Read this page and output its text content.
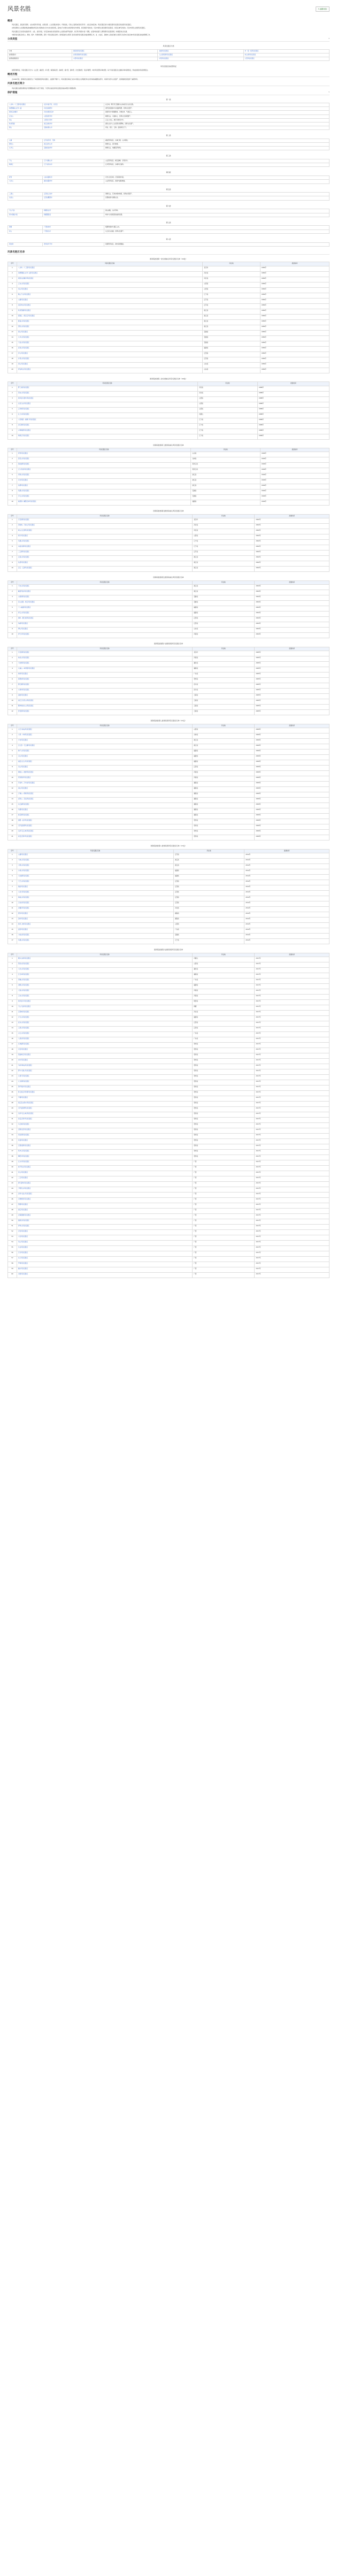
风景名胜	✎编辑词条
概述

风景名胜区，是指具有观赏、文化或者科学价值，自然景观、人文景观比较集中，环境优美，可供人们游览或者进行科学、文化活动的区域。风景名胜区划分为国家级风景名胜区和省级风景名胜区。

自然景观和人文景观能够反映重要自然变化过程和重大历史文化发展过程，基本处于自然状态或者保持历史原貌，具有国家代表性的，可以申请设立国家级风景名胜区；具有区域代表性的，可以申请设立省级风景名胜区。

风景名胜区应当具有较高的科学、文化、美学价值，对其区域内的自然景观和人文景观实施严格保护，进行科学规划与统一管理，在保护的前提下合理利用风景名胜资源，协调经济社会发展。

中国风景名胜区的设立、规划、保护、利用和管理，适用《风景名胜区条例》。国务院建设主管部门负责全国风景名胜区的监督管理工作，省、自治区、直辖市人民政府建设主管部门负责本行政区域内风景名胜区的监督管理工作。

分类类型	▾
风景名胜区分类
分类	国家级风景名胜区	省级风景名胜区	市（县）级风景名胜区
按等级划分	自然景观类风景名胜区	人文景观类风景名胜区	综合类风景名胜区
按用地规模划分	小型风景名胜区	中型风景名胜区	大型风景名胜区
风景名胜区的类型特征

按照资源特征，风景名胜区可分为：山岳型、湖泊型、河川型、海滨海岛型、森林型、洞穴型、瀑布型、历史遗迹型、民俗风情型、城市风景型等多种类型。每个风景名胜区往往兼具多种景观特征，形成独特的风景资源组合。

概述历程

自1982年起，国务院先后批准设立了多批国家级风景名胜区，总面积不断扩大。风景名胜区事业已成为中国生态文明建设和文化传承的重要组成部分，对保护自然与文化遗产、促进旅游发展发挥了重要作用。

风景名胜区简介

风景名胜区按照景观特征与管理要求划分为若干类别，下表列出各批次风景名胜区的基本情况与简要说明。

保护措施	▾
第一批
八达岭－十三陵风景名胜区	北京市昌平区、延庆区	以长城、明代帝王陵墓为主体的历史文化名胜。
承德避暑山庄外八庙	河北省承德市	清代皇家园林与寺庙建筑群，世界文化遗产。
秦皇岛北戴河	河北省秦皇岛市	海滨风光与避暑胜地，沙滩洁净，气候宜人。
五台山	山西省忻州市	佛教名山，寺庙林立，世界文化景观遗产。
恒山	山西省大同市	五岳之北岳，悬空寺驰名中外。
杭州西湖	浙江省杭州市	湖光山色与人文景观交相辉映，世界文化遗产。
黄山	安徽省黄山市	奇松、怪石、云海、温泉闻名天下。
第二批
太湖	江苏省苏州、无锡	湖泊型风景区，水域辽阔，山水相依。
普陀山	浙江省舟山市	佛教名山，海天佛国。
九华山	安徽省池州市	佛教名山，地藏菩萨道场。
第三批
千山	辽宁省鞍山市	山岳型风景区，峰峦叠嶂，寺观众多。
鸭绿江	辽宁省丹东市	江河型风景区，边境风光独特。
第四批
青州	山东省潍坊市	历史文化名城，石刻造像丰富。
大洪山	湖北省随州市	山岳型风景区，溶洞与湖泊兼备。
第五批
三清山	江西省上饶市	道教名山，花岗岩峰林地貌，世界自然遗产。
龙虎山	江西省鹰潭市	丹霞地貌与道教文化。
第六批
天山天池	新疆昌吉州	高山湖泊，冰川雪岭。
库木塔格沙漠	新疆鄯善县	城市与沙漠相连的独特景观。
第七批
阳朔	广西桂林市	喀斯特峰林与漓江山水。
花山	广西崇左市	左江花山岩画，世界文化遗产。
第八批
织金洞	贵州省毕节市	溶洞型风景区，洞内景观瑰丽。
风景名胜区名录
国务院批准第一批全国重点风景名胜区名单（44处）
序号	风景名胜区名称	所在地	批准时间
1	八达岭－十三陵风景名胜区	北京市	1982年
2	承德避暑山庄外八庙风景名胜区	河北省	1982年
3	秦皇岛北戴河风景名胜区	河北省	1982年
4	五台山风景名胜区	山西省	1982年
5	恒山风景名胜区	山西省	1982年
6	鞍山千山风景名胜区	辽宁省	1982年
7	太湖风景名胜区	江苏省	1982年
8	南京钟山风景名胜区	江苏省	1982年
9	杭州西湖风景名胜区	浙江省	1982年
10	富春江－新安江风景名胜区	浙江省	1982年
11	雁荡山风景名胜区	浙江省	1982年
12	普陀山风景名胜区	浙江省	1982年
13	黄山风景名胜区	安徽省	1982年
14	九华山风景名胜区	安徽省	1982年
15	天柱山风景名胜区	安徽省	1982年
16	武夷山风景名胜区	福建省	1982年
17	庐山风景名胜区	江西省	1982年
18	井冈山风景名胜区	江西省	1982年
19	泰山风景名胜区	山东省	1982年
20	青岛崂山风景名胜区	山东省	1982年
国务院批准第二批全国重点风景名胜区名单（40处）
序号	风景名胜区名称	所在地	批准时间
1	野三坡风景名胜区	河北省	1988年
2	苍岩山风景名胜区	河北省	1988年
3	黄河壶口瀑布风景名胜区	山西省	1988年
4	北武当山风景名胜区	山西省	1988年
5	五老峰风景名胜区	山西省	1988年
6	扎兰屯风景名胜区	内蒙古	1988年
7	大连海滨－旅顺口风景名胜区	辽宁省	1988年
8	金石滩风景名胜区	辽宁省	1988年
9	兴城海滨风景名胜区	辽宁省	1988年
10	鸭绿江风景名胜区	辽宁省	1988年
国务院批准第三批国家重点风景名胜区名单
序号	风景名胜区名称	所在地	批准时间
1	青州风景名胜区	山东省	1994年
2	莲花山风景名胜区	吉林省	1994年
3	镜泊湖风景名胜区	黑龙江省	1994年
4	五大连池风景名胜区	黑龙江省	1994年
5	雪窦山风景名胜区	浙江省	1994年
6	双龙风景名胜区	浙江省	1994年
7	仙都风景名胜区	浙江省	1994年
8	琅琊山风景名胜区	安徽省	1994年
9	齐云山风景名胜区	安徽省	1994年
10	桃源洞－鳞隐石林风景名胜区	福建省	1994年
国务院批准第四批国家重点风景名胜区名单
序号	风景名胜区名称	所在地	批准时间
1	石花洞风景名胜区	北京市	2002年
2	西柏坡－天桂山风景名胜区	河北省	2002年
3	崆山白云洞风景名胜区	河北省	2002年
4	碛口风景名胜区	山西省	2002年
5	凤凰山风景名胜区	辽宁省	2002年
6	本溪水洞风景名胜区	辽宁省	2002年
7	三江源风景名胜区	江苏省	2002年
8	江郎山风景名胜区	浙江省	2002年
9	仙居风景名胜区	浙江省	2002年
10	浣江－五泄风景名胜区	浙江省	2002年
国务院批准第五批国家重点风景名胜区名单
序号	风景名胜区名称	所在地	批准时间
1	天台山风景名胜区	浙江省	2004年
2	嵊泗列岛风景名胜区	浙江省	2004年
3	太极洞风景名胜区	安徽省	2004年
4	花山谜窟－渐江风景名胜区	安徽省	2004年
5	十八重溪风景名胜区	福建省	2004年
6	青云山风景名胜区	福建省	2004年
7	梅岭－滕王阁风景名胜区	江西省	2004年
8	龟峰风景名胜区	江西省	2004年
9	博山风景名胜区	山东省	2004年
10	青天河风景名胜区	河南省	2004年
国务院批准第六批国家级风景名胜区名单
序号	风景名胜区名称	所在地	批准时间
1	石花洞风景名胜区	北京市	2005年
2	林虑山风景名胜区	河南省	2005年
3	天堂寨风景名胜区	湖北省	2005年
4	九嶷山－舜帝陵风景名胜区	湖南省	2005年
5	梅州风景名胜区	广东省	2005年
6	黄果树风景名胜区	贵州省	2005年
7	都江堰风景名胜区	四川省	2005年
8	九寨沟风景名胜区	四川省	2005年
9	滇池风景名胜区	云南省	2005年
10	丽江玉龙雪山风景名胜区	云南省	2005年
11	腾冲地热火山风景名胜区	云南省	2005年
12	普者黑风景名胜区	云南省	2005年
国务院批准第七批国家级风景名胜区名单（21处）
序号	风景名胜区名称	所在地	批准时间
1	太行大峡谷风景名胜区	山西省	2009年
2	大坝－丰城风景名胜区	吉林省	2009年
3	方岩风景名胜区	浙江省	2009年
4	百丈漈－飞云湖风景名胜区	浙江省	2009年
5	佛子山风景名胜区	福建省	2009年
6	宝山风景名胜区	福建省	2009年
7	福安白云山风景名胜区	福建省	2009年
8	灵山风景名胜区	江西省	2009年
9	桐柏山－淮源风景名胜区	河南省	2009年
10	郑州黄河风景名胜区	河南省	2009年
11	苏仙岭－万华岩风景名胜区	湖南省	2009年
12	南山风景名胜区	湖南省	2009年
13	万佛山－侗寨风景名胜区	湖南省	2009年
14	虎形山－花瑶风景名胜区	湖南省	2009年
15	东江湖风景名胜区	湖南省	2009年
16	凤凰风景名胜区	湖南省	2009年
17	桃花源风景名胜区	湖南省	2009年
18	湄潭－沿河风景名胜区	贵州省	2009年
19	石阡温泉群风景名胜区	贵州省	2009年
20	沿河乌江山峡风景名胜区	贵州省	2009年
21	瓮安江界河风景名胜区	贵州省	2009年
国务院批准第八批国家级风景名胜区名单（17处）
序号	风景名胜区名称	所在地	批准时间
1	太湖风景名胜区	江苏省	2012年
2	天姥山风景名胜区	浙江省	2012年
3	大明山风景名胜区	浙江省	2012年
4	九峰山风景名胜区	福建省	2012年
5	大金湖风景名胜区	福建省	2012年
6	天竺山风景名胜区	江西省	2012年
7	瑞金风景名胜区	江西省	2012年
8	小武当风景名胜区	江西省	2012年
9	杨岐山风景名胜区	江西省	2012年
10	汉仙岩风景名胜区	江西省	2012年
11	北戴河风景名胜区	河北省	2012年
12	德夯风景名胜区	湖南省	2012年
13	苗岭风景名胜区	湖南省	2012年
14	黄河三峡风景名胜区	山西省	2012年
15	温泉风景名胜区	广东省	2012年
16	大峪谷风景名胜区	安徽省	2012年
17	凤凰山风景名胜区	辽宁省	2012年
国务院批准第九批国家级风景名胜区名单
序号	风景名胜区名称	所在地	批准时间
1	额尔古纳风景名胜区	内蒙古	2017年
2	阳泉关风景名胜区	山西省	2017年
3	大洪山风景名胜区	湖北省	2017年
4	红石林风景名胜区	湖南省	2017年
5	西樵山风景名胜区	广东省	2017年
6	清源山风景名胜区	福建省	2017年
7	大别山风景名胜区	河南省	2017年
8	云台山风景名胜区	河南省	2017年
9	黄河壶口风景名胜区	陕西省	2017年
10	天山天池风景名胜区	新疆	2017年
11	百里峡风景名胜区	河北省	2017年
12	万石山风景名胜区	福建省	2017年
13	武功山风景名胜区	江西省	2017年
14	云居山风景名胜区	江西省	2017年
15	白云山风景名胜区	广东省	2017年
16	七星岩风景名胜区	广东省	2017年
17	红枫湖风景名胜区	贵州省	2017年
18	龙宫风景名胜区	贵州省	2017年
19	荔波樟江风景名胜区	贵州省	2017年
20	赤水风景名胜区	贵州省	2017年
21	马岭河峡谷风景名胜区	贵州省	2017年
22	都匀斗篷山风景名胜区	贵州省	2017年
23	九洞天风景名胜区	贵州省	2017年
24	九龙洞风景名胜区	贵州省	2017年
25	黎平侗乡风景名胜区	贵州省	2017年
26	紫云格凸河穿洞风景名胜区	贵州省	2017年
27	平塘风景名胜区	贵州省	2017年
28	榕江苗山侗水风景名胜区	贵州省	2017年
29	石阡温泉群风景名胜区	贵州省	2017年
30	沿河乌江山峡风景名胜区	贵州省	2017年
31	瓮安江界河风景名胜区	贵州省	2017年
32	乌江峡风景名胜区	贵州省	2017年
33	安顺龙宫风景名胜区	贵州省	2017年
34	织金洞风景名胜区	贵州省	2017年
35	花溪风景名胜区	贵州省	2017年
36	百里杜鹃风景名胜区	贵州省	2017年
37	梵净山风景名胜区	贵州省	2017年
38	舞阳河风景名胜区	贵州省	2017年
39	红水河风景名胜区	广西	2017年
40	桂平西山风景名胜区	广西	2017年
41	花山风景名胜区	广西	2017年
42	三江风景名胜区	广西	2017年
43	德天瀑布风景名胜区	广西	2017年
44	宁明花山风景名胜区	广西	2017年
45	金秀大瑶山风景名胜区	广西	2017年
46	龙脊梯田风景名胜区	广西	2017年
47	阳朔风景名胜区	广西	2017年
48	漓江风景名胜区	广西	2017年
49	北海银滩风景名胜区	广西	2017年
50	涠洲岛风景名胜区	广西	2017年
51	青秀山风景名胜区	广西	2017年
52	百色风景名胜区	广西	2017年
53	大化风景名胜区	广西	2017年
54	凤山风景名胜区	广西	2017年
55	乐业风景名胜区	广西	2017年
56	巴马风景名胜区	广西	2017年
57	东兰风景名胜区	广西	2017年
58	罗城风景名胜区	广西	2017年
59	融水风景名胜区	广西	2017年
60	龙胜风景名胜区	广西	2017年
